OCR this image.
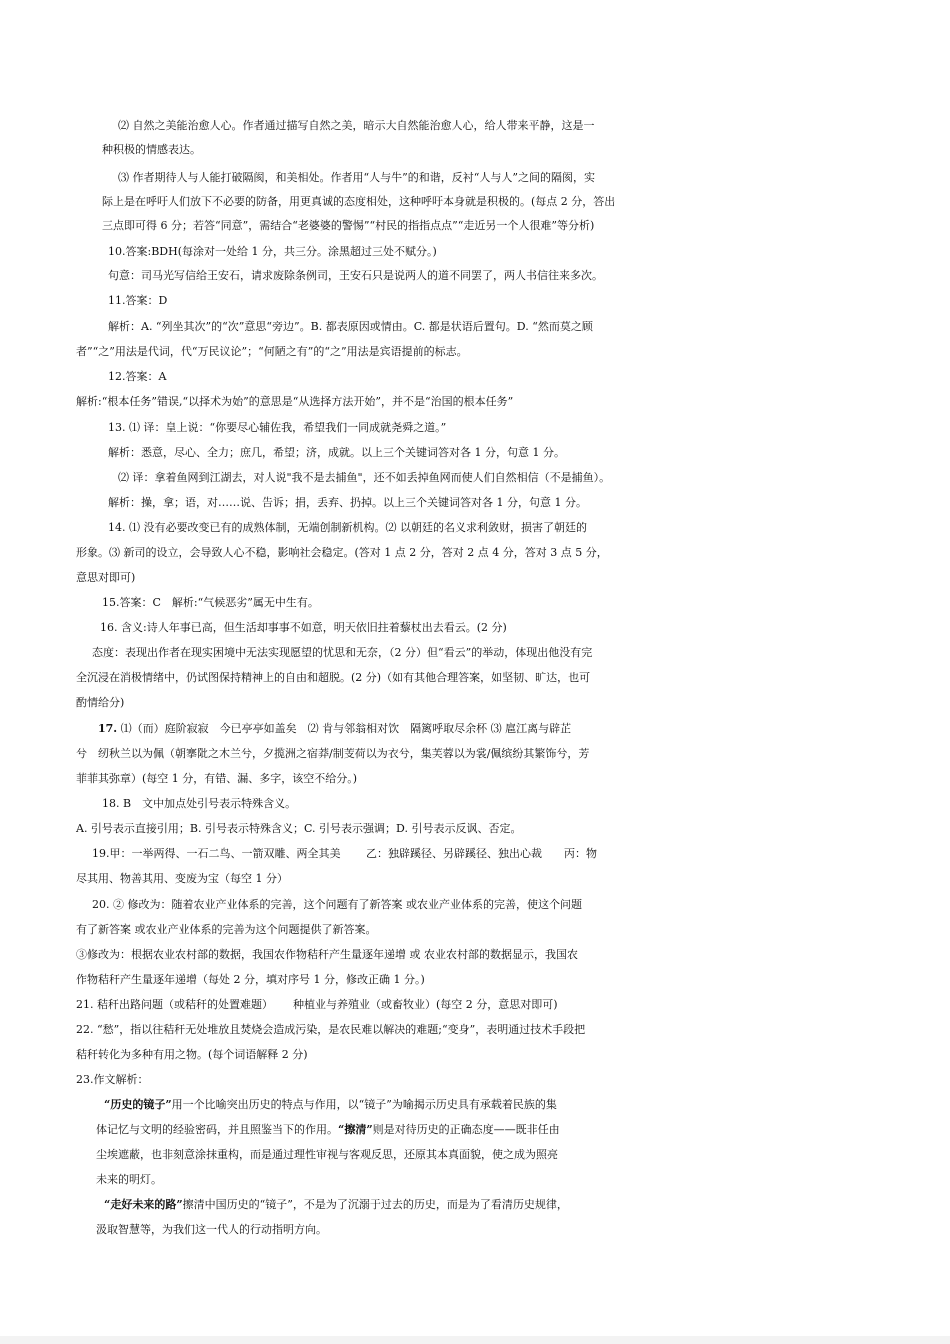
⑵ 自然之美能治愈人心。作者通过描写自然之美，暗示大自然能治愈人心，给人带来平静，这是一
种积极的情感表达。
⑶ 作者期待人与人能打破隔阂，和美相处。作者用“人与牛”的和谐，反衬“人与人”之间的隔阂，实
际上是在呼吁人们放下不必要的防备，用更真诚的态度相处，这种呼吁本身就是积极的。(每点 2 分，答出
三点即可得 6 分；若答“同意”，需结合“老婆婆的警惕”“村民的指指点点”“走近另一个人很难”等分析)
10.答案:BDH(每涂对一处给 1 分，共三分。涂黑超过三处不赋分。)
句意：司马光写信给王安石，请求废除条例司，王安石只是说两人的道不同罢了，两人书信往来多次。
11.答案：D
解析：A. “列坐其次”的“次”意思“旁边”。B. 都表原因或情由。C. 都是状语后置句。D. “然而莫之顾
者”“之”用法是代词，代“万民议论”；“何陋之有”的“之”用法是宾语提前的标志。
12.答案：A
解析:“根本任务”错误,“以择术为始”的意思是“从选择方法开始”，并不是“治国的根本任务”
13. ⑴ 译：皇上说：“你要尽心辅佐我，希望我们一同成就尧舜之道。”
解析：悉意，尽心、全力；庶几，希望；济，成就。以上三个关键词答对各 1 分，句意 1 分。
⑵ 译：拿着鱼网到江湖去，对人说"我不是去捕鱼"，还不如丢掉鱼网而使人们自然相信（不是捕鱼）。
解析：操，拿；语，对……说、告诉；捐，丢弃、扔掉。以上三个关键词答对各 1 分，句意 1 分。
14. ⑴ 没有必要改变已有的成熟体制，无端创制新机构。⑵ 以朝廷的名义求利敛财，损害了朝廷的
形象。⑶ 新司的设立，会导致人心不稳，影响社会稳定。(答对 1 点 2 分，答对 2 点 4 分，答对 3 点 5 分，
意思对即可)
15.答案：C　解析:“气候恶劣”属无中生有。
16. 含义:诗人年事已高，但生活却事事不如意，明天依旧拄着藜杖出去看云。(2 分)
态度：表现出作者在现实困境中无法实现愿望的忧思和无奈，（2 分）但“看云”的举动，体现出他没有完
全沉浸在消极情绪中，仍试图保持精神上的自由和超脱。(2 分)（如有其他合理答案，如坚韧、旷达，也可
酌情给分)
17. ⑴（而）庭阶寂寂　今已亭亭如盖矣　⑵ 肯与邻翁相对饮　隔篱呼取尽余杯 ⑶ 扈江离与辟芷
兮　纫秋兰以为佩（朝搴阰之木兰兮，夕揽洲之宿莽/制芰荷以为衣兮，集芙蓉以为裳/佩缤纷其繁饰兮，芳
菲菲其弥章）(每空 1 分，有错、漏、多字，该空不给分。)
18. B　文中加点处引号表示特殊含义。
A. 引号表示直接引用；B. 引号表示特殊含义；C. 引号表示强调；D. 引号表示反讽、否定。
19.甲：一举两得、一石二鸟、一箭双雕、两全其美　　 乙：独辟蹊径、另辟蹊径、独出心裁　　丙：物
尽其用、物善其用、变废为宝（每空 1 分）
20. ② 修改为：随着农业产业体系的完善，这个问题有了新答案 或农业产业体系的完善，使这个问题
有了新答案 或农业产业体系的完善为这个问题提供了新答案。
③修改为：根据农业农村部的数据，我国农作物秸秆产生量逐年递增 或 农业农村部的数据显示，我国农
作物秸秆产生量逐年递增（每处 2 分，填对序号 1 分，修改正确 1 分。)
21. 秸秆出路问题（或秸秆的处置难题）　　 种植业与养殖业（或畜牧业）(每空 2 分，意思对即可)
22. “愁”，指以往秸秆无处堆放且焚烧会造成污染，是农民难以解决的难题;“变身”，表明通过技术手段把
秸秆转化为多种有用之物。(每个词语解释 2 分)
23.作文解析：
“历史的镜子”用一个比喻突出历史的特点与作用，以“镜子”为喻揭示历史具有承载着民族的集
体记忆与文明的经验密码，并且照鉴当下的作用。“擦清”则是对待历史的正确态度——既非任由
尘埃遮蔽，也非刻意涂抹重构，而是通过理性审视与客观反思，还原其本真面貌，使之成为照亮
未来的明灯。
“走好未来的路”擦清中国历史的“镜子”，不是为了沉溺于过去的历史，而是为了看清历史规律，
汲取智慧等，为我们这一代人的行动指明方向。
